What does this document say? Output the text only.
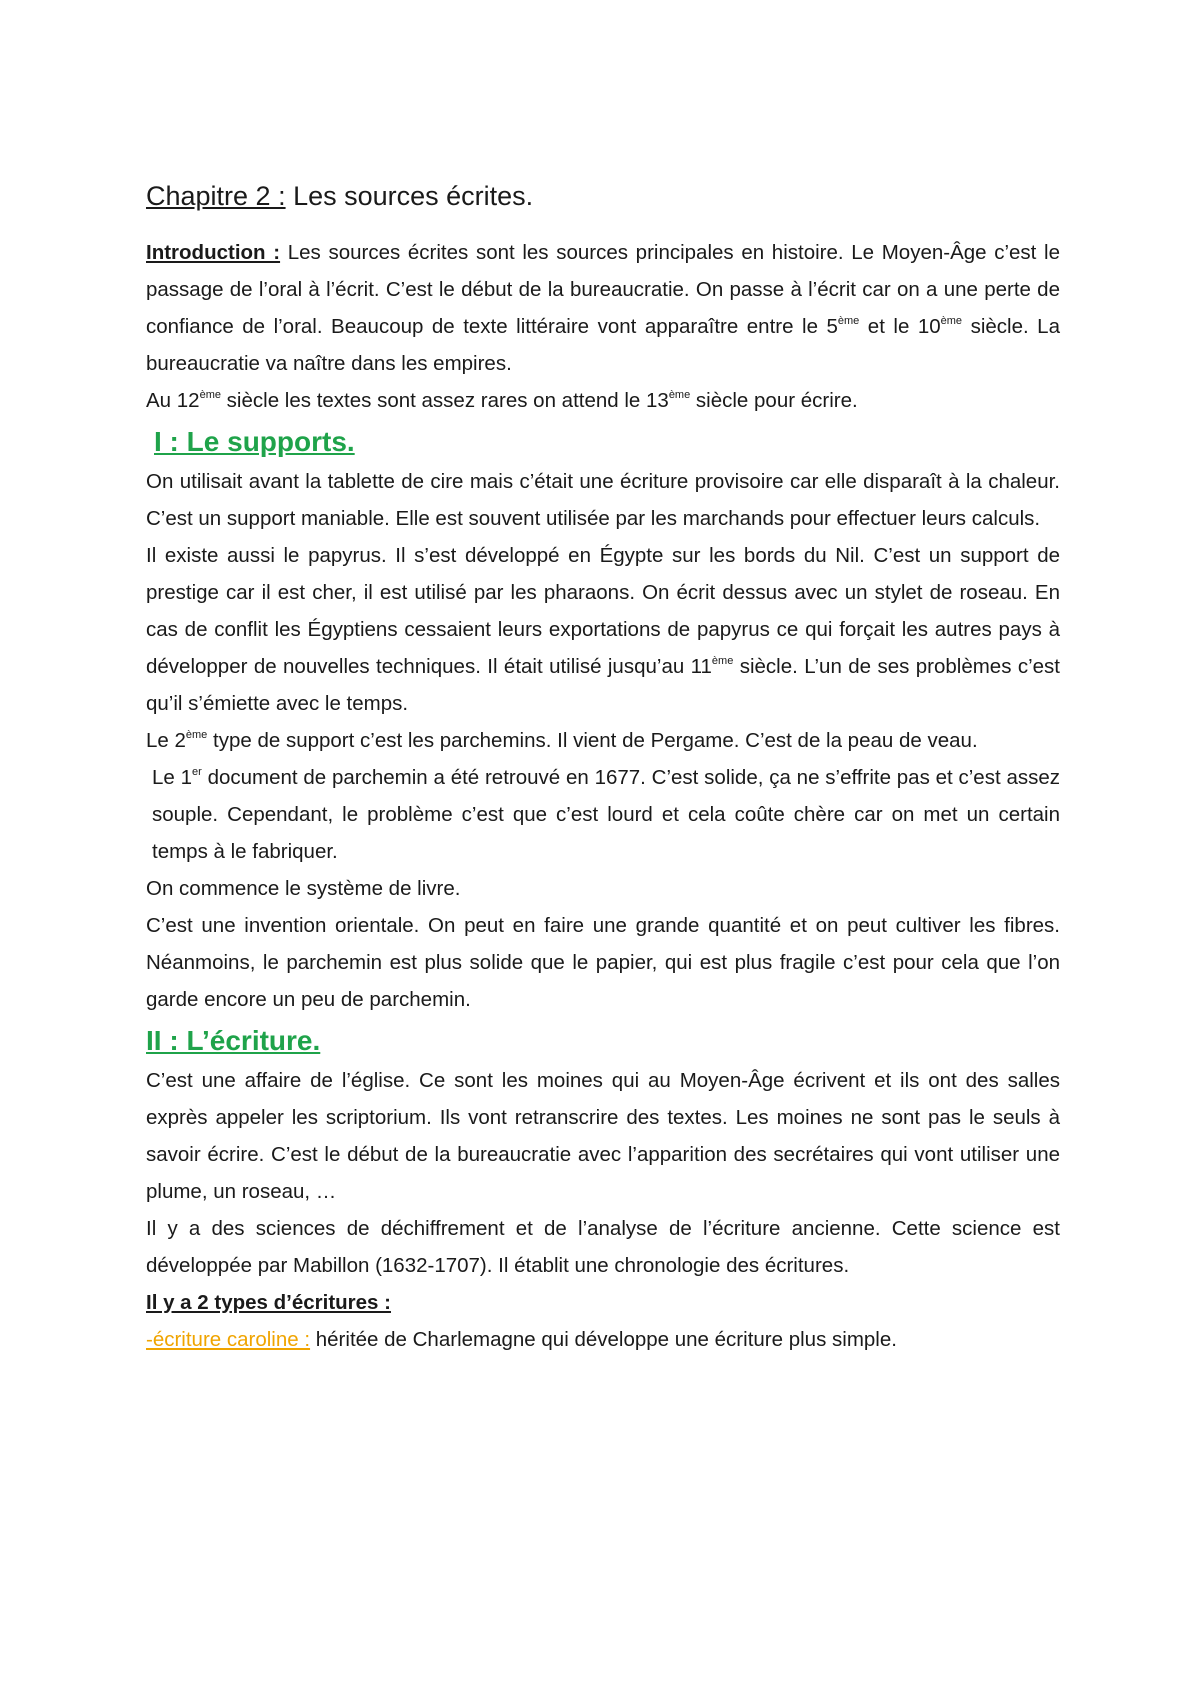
Chapitre 2 : Les sources écrites.

Introduction : Les sources écrites sont les sources principales en histoire. Le Moyen-Âge c’est le passage de l’oral à l’écrit. C’est le début de la bureaucratie. On passe à l’écrit car on a une perte de confiance de l’oral. Beaucoup de texte littéraire vont apparaître entre le 5ème et le 10ème siècle. La bureaucratie va naître dans les empires.

Au 12ème siècle les textes sont assez rares on attend le 13ème siècle pour écrire.

I : Le supports.

On utilisait avant la tablette de cire mais c’était une écriture provisoire car elle disparaît à la chaleur. C’est un support maniable. Elle est souvent utilisée par les marchands pour effectuer leurs calculs.

Il existe aussi le papyrus. Il s’est développé en Égypte sur les bords du Nil. C’est un support de prestige car il est cher, il est utilisé par les pharaons. On écrit dessus avec un stylet de roseau. En cas de conflit les Égyptiens cessaient leurs exportations de papyrus ce qui forçait les autres pays à développer de nouvelles techniques. Il était utilisé jusqu’au 11ème siècle. L’un de ses problèmes c’est qu’il s’émiette avec le temps.

Le 2ème type de support c’est les parchemins. Il vient de Pergame. C’est de la peau de veau.

Le 1er document de parchemin a été retrouvé en 1677. C’est solide, ça ne s’effrite pas et c’est assez souple. Cependant, le problème c’est que c’est lourd et cela coûte chère car on met un certain temps à le fabriquer.

On commence le système de livre.

C’est une invention orientale. On peut en faire une grande quantité et on peut cultiver les fibres. Néanmoins, le parchemin est plus solide que le papier, qui est plus fragile c’est pour cela que l’on garde encore un peu de parchemin.

II : L’écriture.

C’est une affaire de l’église. Ce sont les moines qui au Moyen-Âge écrivent et ils ont des salles exprès appeler les scriptorium. Ils vont retranscrire des textes. Les moines ne sont pas le seuls à savoir écrire. C’est le début de la bureaucratie avec l’apparition des secrétaires qui vont utiliser une plume, un roseau, …

Il y a des sciences de déchiffrement et de l’analyse de l’écriture ancienne. Cette science est développée par Mabillon (1632-1707). Il établit une chronologie des écritures.

Il y a 2 types d’écritures :

-écriture caroline : héritée de Charlemagne qui développe une écriture plus simple.
